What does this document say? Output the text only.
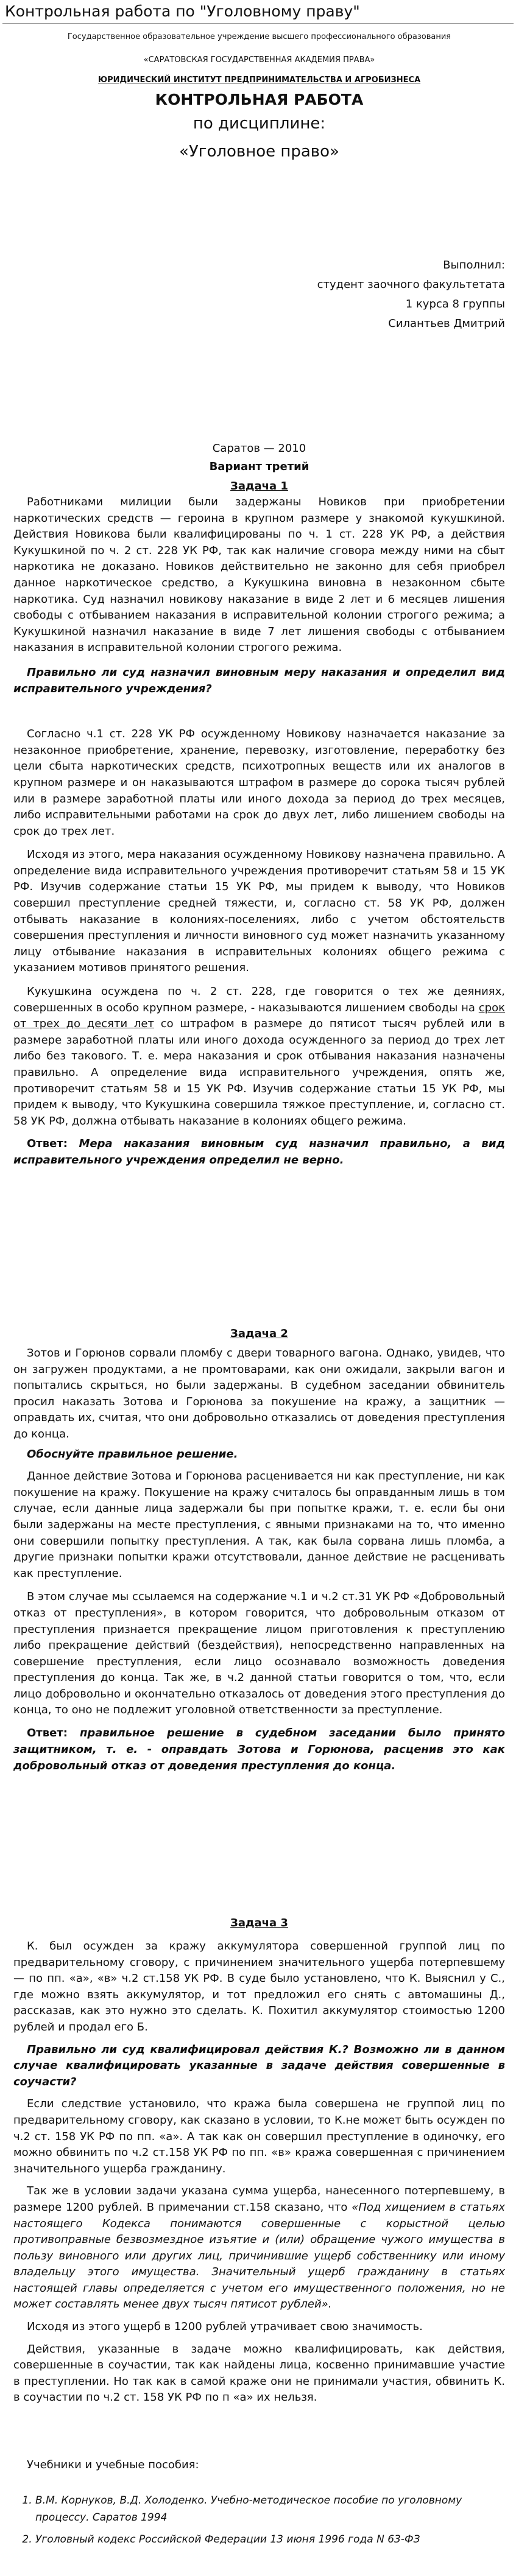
Контрольная работа по "Уголовному праву"
Государственное образовательное учреждение высшего профессионального образования
«САРАТОВСКАЯ ГОСУДАРСТВЕННАЯ АКАДЕМИЯ ПРАВА»
ЮРИДИЧЕСКИЙ ИНСТИТУТ ПРЕДПРИНИМАТЕЛЬСТВА И АГРОБИЗНЕСА
КОНТРОЛЬНАЯ РАБОТА
по дисциплине:
«Уголовное право»
Выполнил:
студент заочного факультетата
1 курса 8 группы
Силантьев Дмитрий
Саратов — 2010
Вариант третий
Задача 1

Работниками милиции были задержаны Новиков при приобретении наркотических средств — героина в крупном размере у знакомой кукушкиной. Действия Новикова были квалифицированы по ч. 1 ст. 228 УК РФ, а действия Кукушкиной по ч. 2 ст. 228 УК РФ, так как наличие сговора между ними на сбыт наркотика не доказано. Новиков действительно не законно для себя приобрел данное наркотическое средство, а Кукушкина виновна в незаконном сбыте наркотика. Суд назначил новикову наказание в виде 2 лет и 6 месяцев лишения свободы с отбыванием наказания в исправительной колонии строгого режима; а Кукушкиной назначил наказание в виде 7 лет лишения свободы с отбыванием наказания в исправительной колонии строгого режима.

Правильно ли суд назначил виновным меру наказания и определил вид исправительного учреждения?

Согласно ч.1 ст. 228 УК РФ осужденному Новикову назначается наказание за незаконное приобретение, хранение, перевозку, изготовление, переработку без цели сбыта наркотических средств, психотропных веществ или их аналогов в крупном размере и он наказываются штрафом в размере до сорока тысяч рублей или в размере заработной платы или иного дохода за период до трех месяцев, либо исправительными работами на срок до двух лет, либо лишением свободы на срок до трех лет.

Исходя из этого, мера наказания осужденному Новикову назначена правильно. А определение вида исправительного учреждения противоречит статьям 58 и 15 УК РФ. Изучив содержание статьи 15 УК РФ, мы придем к выводу, что Новиков совершил преступление средней тяжести, и, согласно ст. 58 УК РФ, должен отбывать наказание в колониях-поселениях, либо с учетом обстоятельств совершения преступления и личности виновного суд может назначить указанному лицу отбывание наказания в исправительных колониях общего режима с указанием мотивов принятого решения.

Кукушкина осуждена по ч. 2 ст. 228, где говорится о тех же деяниях, совершенных в особо крупном размере, - наказываются лишением свободы на срок от трех до десяти лет со штрафом в размере до пятисот тысяч рублей или в размере заработной платы или иного дохода осужденного за период до трех лет либо без такового. Т. е. мера наказания и срок отбывания наказания назначены правильно. А определение вида исправительного учреждения, опять же, противоречит статьям 58 и 15 УК РФ. Изучив содержание статьи 15 УК РФ, мы придем к выводу, что Кукушкина совершила тяжкое преступление, и, согласно ст. 58 УК РФ, должна отбывать наказание в колониях общего режима.

Ответ: Мера наказания виновным суд назначил правильно, а вид исправительного учреждения определил не верно.

Задача 2

Зотов и Горюнов сорвали пломбу с двери товарного вагона. Однако, увидев, что он загружен продуктами, а не промтоварами, как они ожидали, закрыли вагон и попытались скрыться, но были задержаны. В судебном заседании обвинитель просил наказать Зотова и Горюнова за покушение на кражу, а защитник — оправдать их, считая, что они добровольно отказались от доведения преступления до конца.

Обоснуйте правильное решение.

Данное действие Зотова и Горюнова расценивается ни как преступление, ни как покушение на кражу. Покушение на кражу считалось бы оправданным лишь в том случае, если данные лица задержали бы при попытке кражи, т. е. если бы они были задержаны на месте преступления, с явными признаками на то, что именно они совершили попытку преступления. А так, как была сорвана лишь пломба, а другие признаки попытки кражи отсутствовали, данное действие не расценивать как преступление.

В этом случае мы ссылаемся на содержание ч.1 и ч.2 ст.31 УК РФ «Добровольный отказ от преступления», в котором говорится, что добровольным отказом от преступления признается прекращение лицом приготовления к преступлению либо прекращение действий (бездействия), непосредственно направленных на совершение преступления, если лицо осознавало возможность доведения преступления до конца. Так же, в ч.2 данной статьи говорится о том, что, если лицо добровольно и окончательно отказалось от доведения этого преступления до конца, то оно не подлежит уголовной ответственности за преступление.

Ответ: правильное решение в судебном заседании было принято защитником, т. е. - оправдать Зотова и Горюнова, расценив это как добровольный отказ от доведения преступления до конца.

Задача 3

К. был осужден за кражу аккумулятора совершенной группой лиц по предварительному сговору, с причинением значительного ущерба потерпевшему — по пп. «а», «в» ч.2 ст.158 УК РФ. В суде было установлено, что К. Выяснил у С., где можно взять аккумулятор, и тот предложил его снять с автомашины Д., рассказав, как это нужно это сделать. К. Похитил аккумулятор стоимостью 1200 рублей и продал его Б.

Правильно ли суд квалифицировал действия К.? Возможно ли в данном случае квалифицировать указанные в задаче действия совершенные в соучасти?

Если следствие установило, что кража была совершена не группой лиц по предварительному сговору, как сказано в условии, то К.не может быть осужден по ч.2 ст. 158 УК РФ по пп. «а». А так как он совершил преступление в одиночку, его можно обвинить по ч.2 ст.158 УК РФ по пп. «в» кража совершенная с причинением значительного ущерба гражданину.

Так же в условии задачи указана сумма ущерба, нанесенного потерпевшему, в размере 1200 рублей. В примечании ст.158 сказано, что «Под хищением в статьях настоящего Кодекса понимаются совершенные с корыстной целью противоправные безвозмездное изъятие и (или) обращение чужого имущества в пользу виновного или других лиц, причинившие ущерб собственнику или иному владельцу этого имущества. Значительный ущерб гражданину в статьях настоящей главы определяется с учетом его имущественного положения, но не может составлять менее двух тысяч пятисот рублей».

Исходя из этого ущерб в 1200 рублей утрачивает свою значимость.

Действия, указанные в задаче можно квалифицировать, как действия, совершенные в соучастии, так как найдены лица, косвенно принимавшие участие в преступлении. Но так как в самой краже они не принимали участия, обвинить К. в соучастии по ч.2 ст. 158 УК РФ по п «а» их нельзя.

Учебники и учебные пособия:

1. В.М. Корнуков, В.Д. Холоденко. Учебно-методическое пособие по уголовному процессу. Саратов 1994
2. Уголовный кодекс Российской Федерации 13 июня 1996 года N 63-ФЗ
